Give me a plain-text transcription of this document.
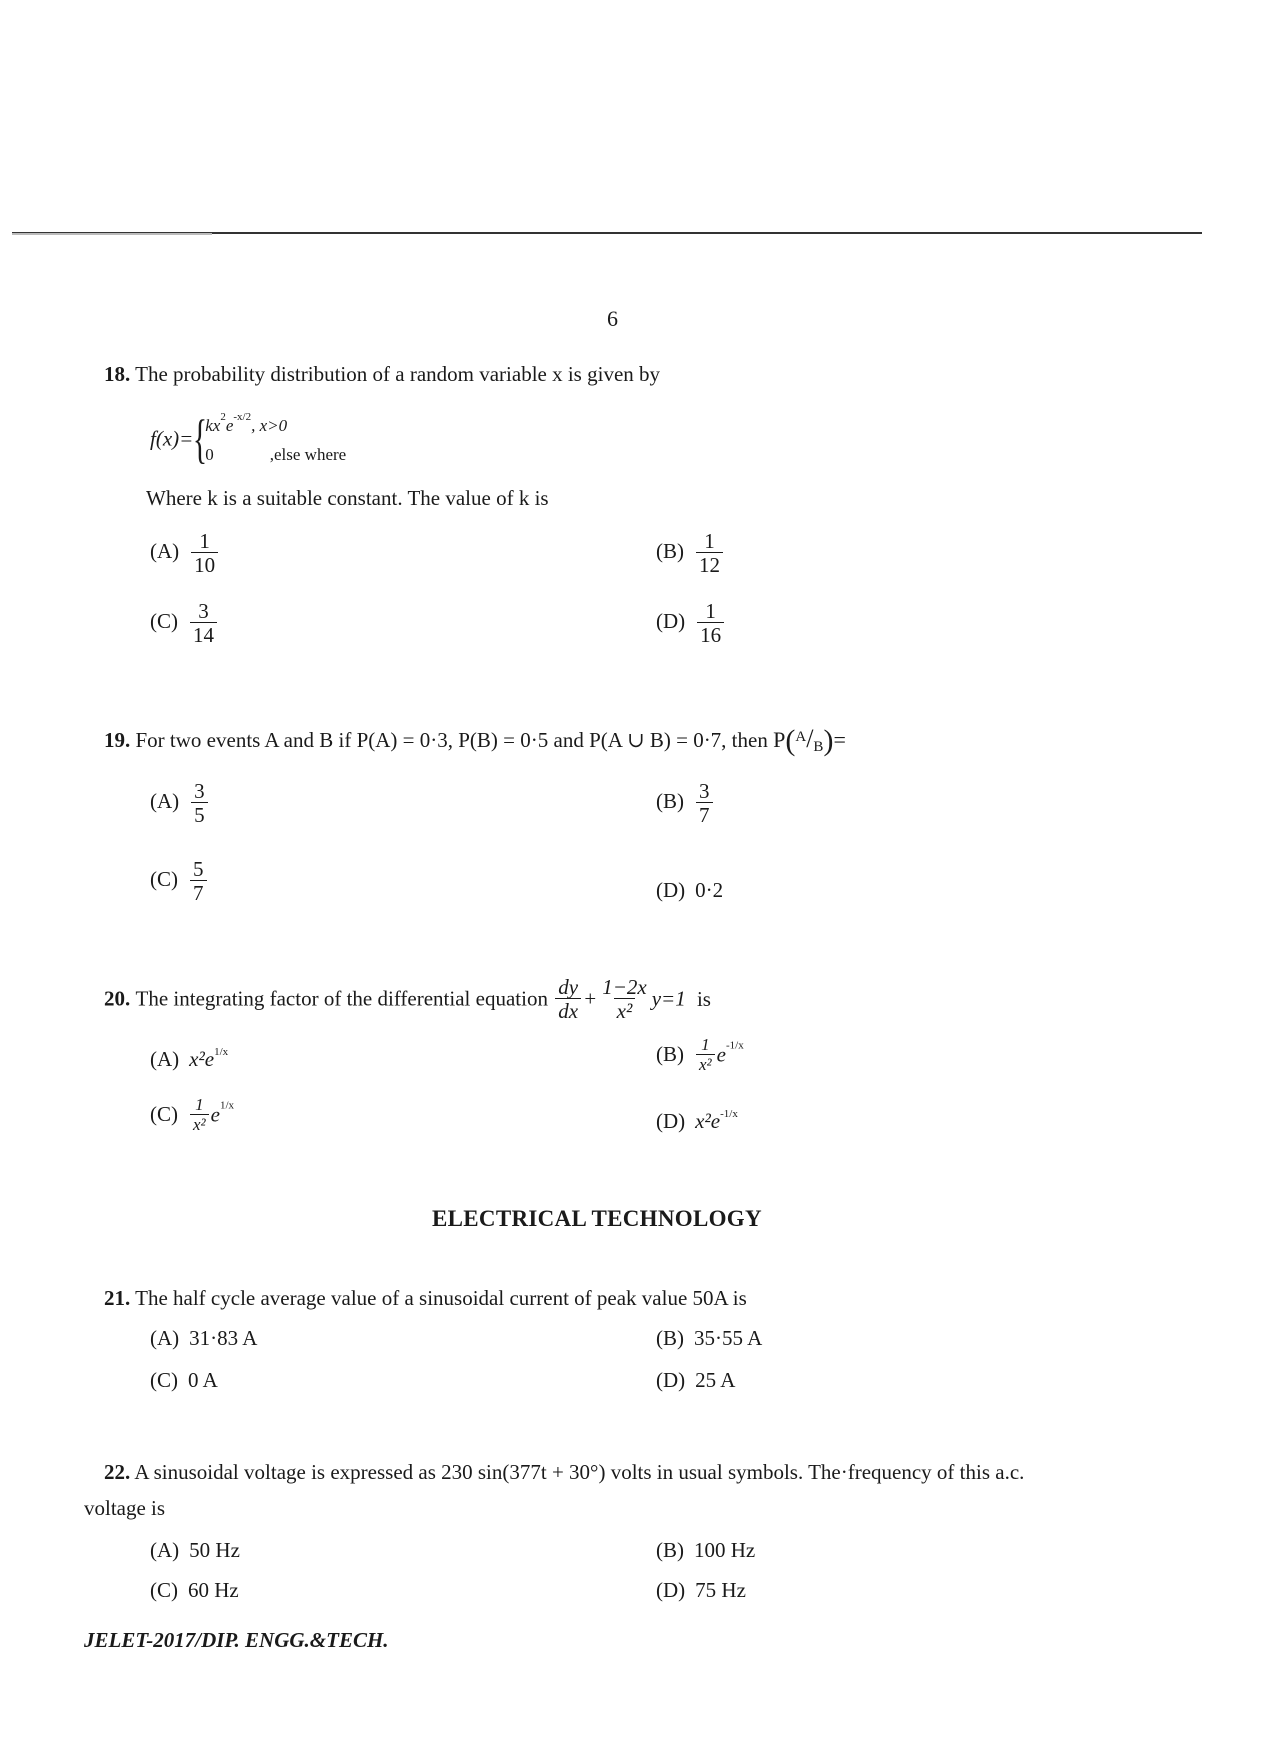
6
18. The probability distribution of a random variable x is given by
f(x)={
$kx^2e^{-x/2}$, x>0
0	,else where
Where k is a suitable constant. The value of k is
$(A) \frac{1}{10}$	$(B) \frac{1}{12}$
$(C) \frac{3}{14}$	$(D) \frac{1}{16}$
19. For two events A and B if P(A) = 0·3, P(B) = 0·5 and P(A ∪ B) = 0·7, then P($^A$/B)=
$(A) \frac{3}{5}$	$(B) \frac{3}{7}$
$(C) \frac{5}{7}$	(D) 0·2
20. The integrating factor of the differential equation $\frac{dy}{dx} + \frac{1-2x}{\text{x²}} y=1$ is
(A) $x^2e^{1/x}$	$(B) \frac{1}{\text{x²}} e^{-1/x}$
$(C) \frac{1}{\text{x²}} e^{1/x}$
(D) $x^2e^{-1/x}$
ELECTRICAL TECHNOLOGY
21. The half cycle average value of a sinusoidal current of peak value 50A is
(A) 31·83 A	(B) 35·55 A
(C) 0 A	(D) 25 A
22. A sinusoidal voltage is expressed as 230 sin(377t + 30°) volts in usual symbols. The·frequency of this a.c.
voltage is
(A) 50 Hz	(B) 100 Hz
(C) 60 Hz	(D) 75 Hz
JELET-2017/DIP. ENGG.&TECH.
